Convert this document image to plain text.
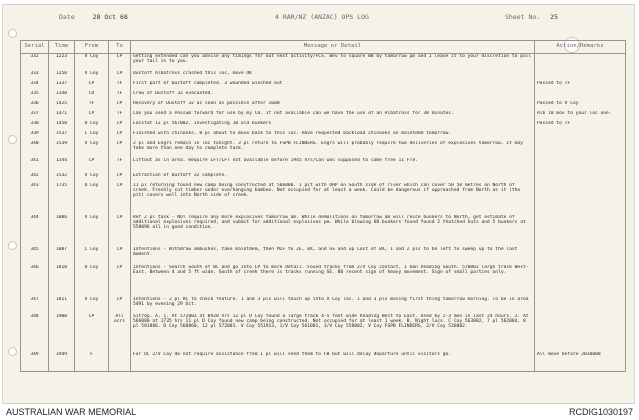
Date	28 Oct 68	4 RAR/NZ (ANZAC) OPS LOG	Sheet No. 25
Serial	Time	From	To	Message or Detail	Action/Remarks
332	1223	V Coy	CP	Getting extended can you advise any timings for out next activity/FCS. Bev to square BB by tomorrow pm and I leave it to your discretion to pull your tail in to you.	
333	1250	V Coy	CP	Dustoff Albatross crashed this loc, move OK	
334	1337	CP	TF	First part of Dustoff completed. 3 wounded winched out	Passed to TF
335	1340	CO	TF	Crew of Dustoff 32 evacuated.	
336	1425	TF	CP	Recovery of Dustoff 32 as soon as possible after 1600	Passed to V Coy
337	1471	CP	TF	Can you send a Possum forward for use by my CO. If not available can we have the use of an Albatross for 30 minutes.	Alb 10 mov to your loc one.
338	1450	D Coy	CP	Locstat 12 pl 567002, investigating 10 old bunkers	Passed to TF
339	1537	C Coy	CP	Finished with chinooks. 8 pl about to move back to this loc. Have requested backload chinooks on maintdem tomorrow.	
340	1539	V Coy	CP	2 pl and Engrs remain in loc tonight. 3 pl return to FSPB FLINDERS. Engrs will probably require two deliveries of explosives tomorrow. It may take more than one day to complete task.	
341	1544	CP	TF	Liftout as in area. Require LFT/LFT not available before 1945 hrs/Can was supposed to come free 11 FTV.	
342	1532	V Coy	CP	Extraction of Dustoff 32 complete.	
343	1735	D Coy	CP	11 pl returning found new camp being constructed at 566080. 1 pit with OHP on South side of river which can cover 50 50 metres on North of creek. Freshly cut timber under overhanging bamboo. Not occupied for at least a week. Could be dangerous if approached from North as it (the pit) covers well into North side of creek.	
344	1806	V Coy	CP	Ref 2 pl task - NOT require any more explosives tomorrow am. While demolitions on tomorrow am will recce bunkers to North, get estimate of additional explosives required, and submit for additional explosives pm. While blowing 60 bunkers found found 2 thatched huts and 5 bunkers at 558096 all in good condition.	
345	1807	C Coy	CP	Intentions - Withdraw ambushes, take maintdem, then MIF to 2E, 8X, and GS and up Cost of BX, 1 and 2 pls to be left to sweep up to the last moment.	
346	1810	D Coy	CP	Intentions - Search South of BC and go into LP to more detail. Found tracks from 2/V Coy contact, 1 man heading South. 570002 large track West-East. Between 4 and 5 ft wide. South of creek there is tracks running SE. 80 recent sign of heavy movement. Sign of small parties only.	
347	1811	V Coy	CP	Intentions - 2 pl RC to check feature. 1 and 3 pls will touch up into V Coy loc. 1 and 3 pls moving first thing tomorrow morning. To be in area 5491 by evening 29 Oct.	
348	1900	CP	All ocrs	Sitrep. A, 1. At 572003 at 0920 hrs 12 pl D Coy found a large track 4-5 feet wide heading West to East. Used by 2-3 men in last 24 hours. 2. At 566080 at 1735 hrs 11 pl D Coy found new camp being constructed. Not occupied for at least 1 week. B, Night locs. C Coy 563882, 7 pl 562884, 8 pl 581886. D Coy 568860, 12 pl 572001. V Coy 551913, 1/V Coy 561001, 3/V Coy 558002, V Coy FSPB FLINDERS, 2/V Coy 538082.	
349	1949	F		For OC 2/V Coy do not require assistance from 1 pl will send them to FB but will delay departure until visitors go.	All move before 2010008
AUSTRALIAN WAR MEMORIAL	RCDIG1030197
